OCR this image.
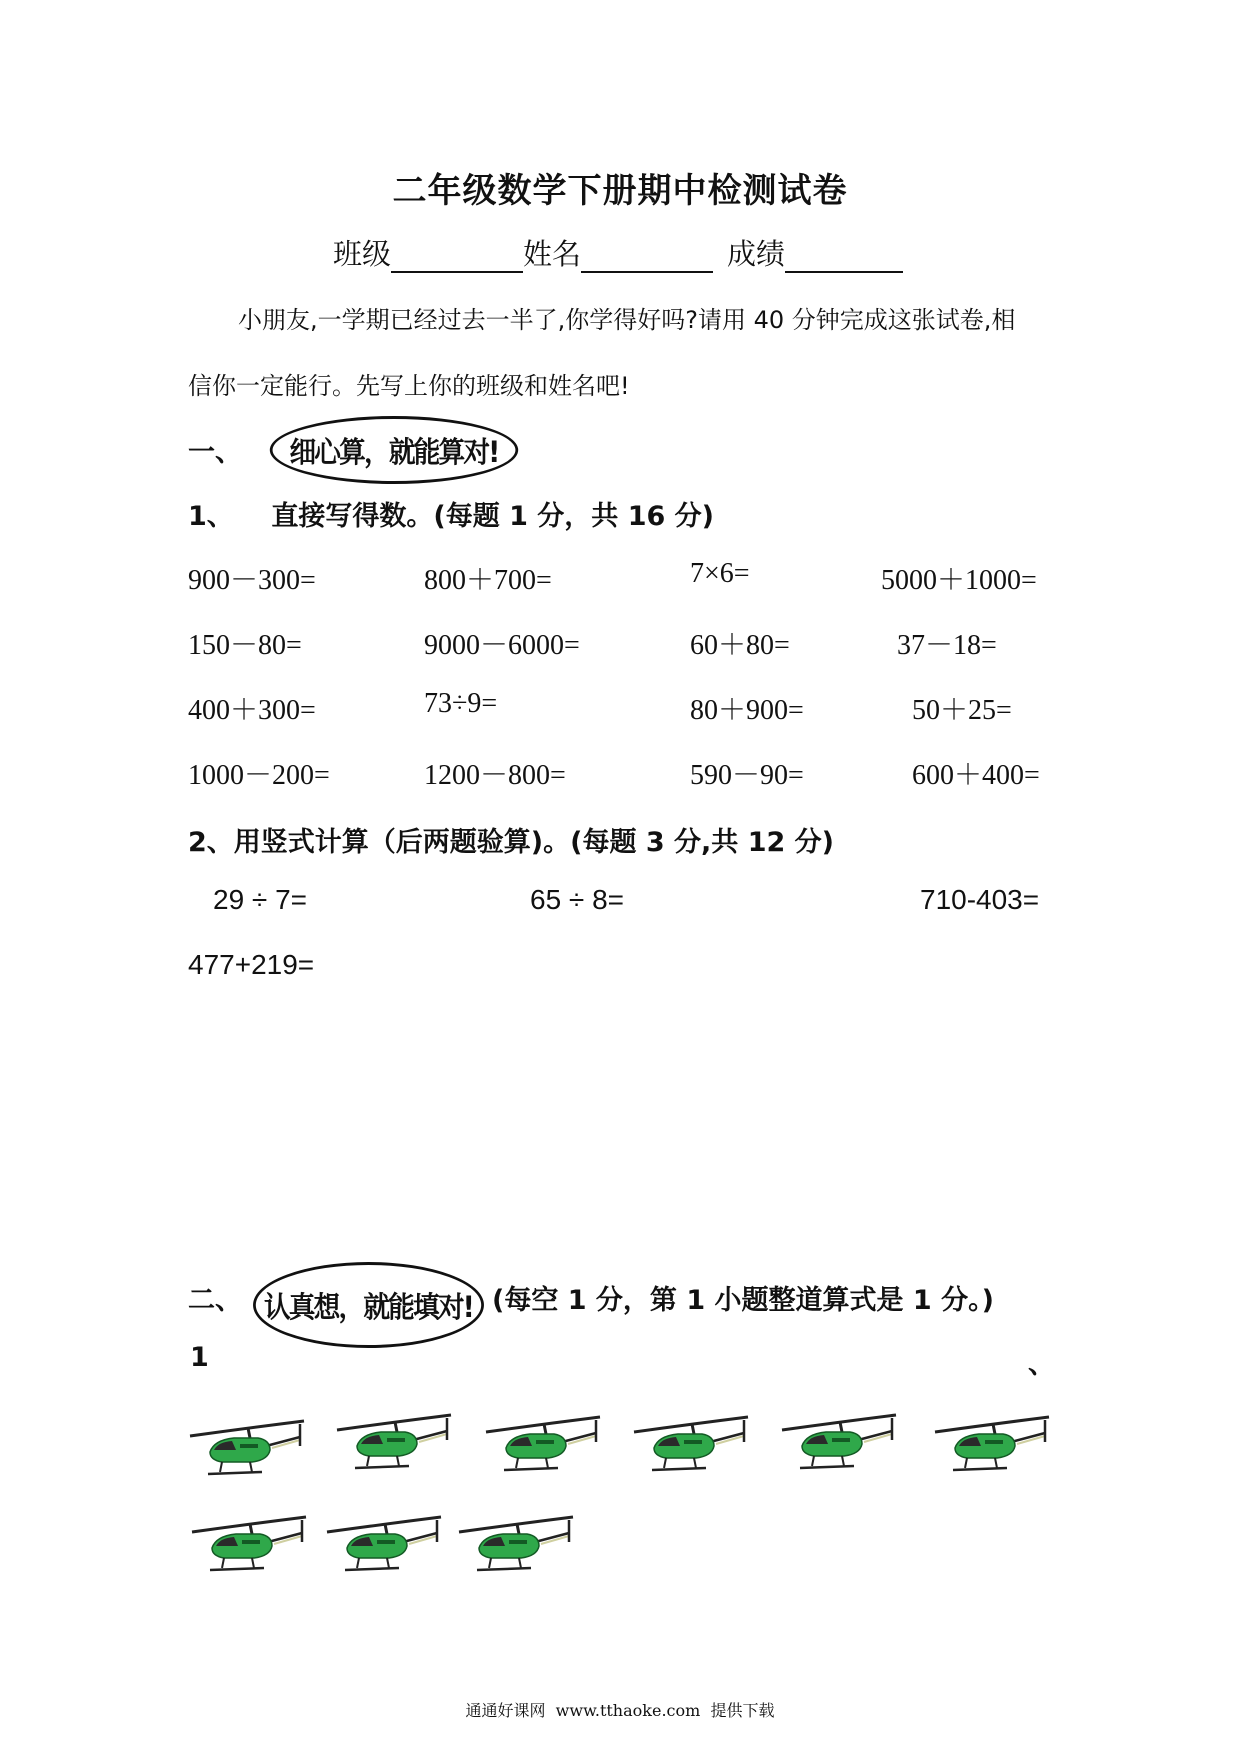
二年级数学下册期中检测试卷
班级	姓名	成绩
小朋友,一学期已经过去一半了,你学得好吗?请用 40 分钟完成这张试卷,相
信你一定能行。先写上你的班级和姓名吧!
一、 细心算，就能算对!
1、    直接写得数。(每题 1 分，共 16 分)
900－300=	800＋700=	7×6=	5000＋1000=
150－80=	9000－6000=	60＋80=	37－18=
400＋300=	73÷9=	80＋900=	50＋25=
1000－200=	1200－800=	590－90=	600＋400=
2、用竖式计算（后两题验算)。(每题 3 分,共 12 分)
29 ÷ 7=	65 ÷ 8=	710-403=
477+219=
二、 认真想，就能填对! (每空 1 分，第 1 小题整道算式是 1 分。)
1	、
通通好课网  www.tthaoke.com  提供下载
